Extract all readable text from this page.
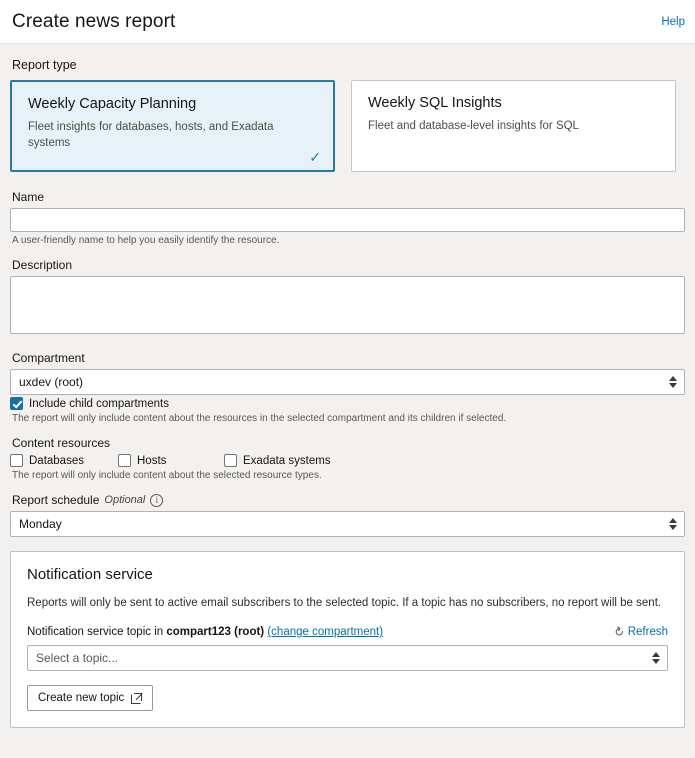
Create news report	Help
Report type
Weekly Capacity Planning
Fleet insights for databases, hosts, and Exadata systems
✓
Weekly SQL Insights
Fleet and database-level insights for SQL
Name
A user-friendly name to help you easily identify the resource.
Description
Compartment
uxdev (root)
Include child compartments
The report will only include content about the resources in the selected compartment and its children if selected.
Content resources
Databases	Hosts	Exadata systems
The report will only include content about the selected resource types.
Report schedule Optional	i
Monday
Notification service
Reports will only be sent to active email subscribers to the selected topic. If a topic has no subscribers, no report will be sent.
Notification service topic in compart123 (root) (change compartment)	↻ Refresh
Select a topic...
Create new topic
